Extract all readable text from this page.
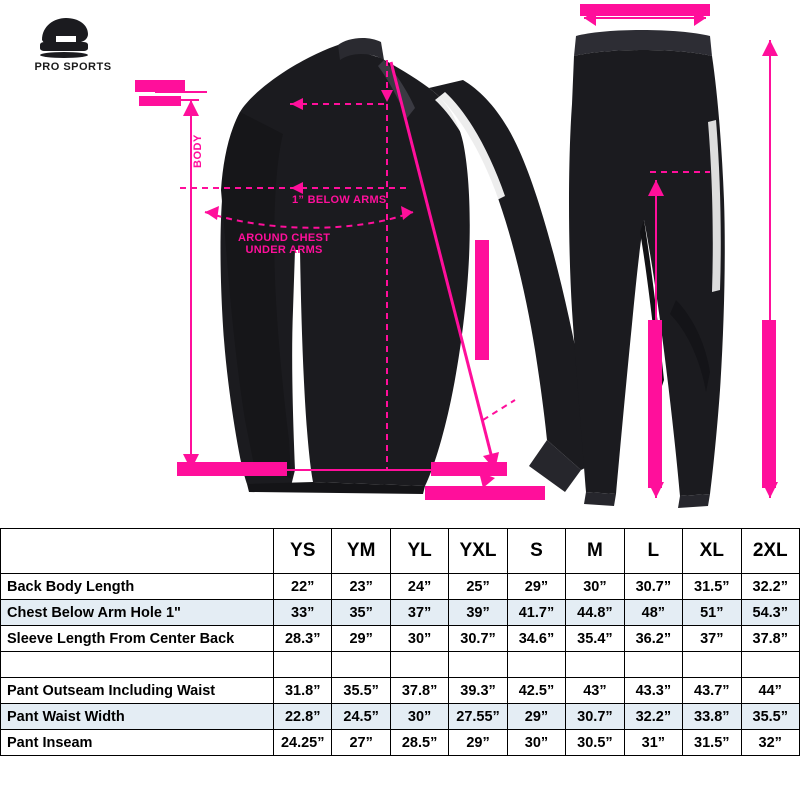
PRO SPORTS
BODY
1” BELOW ARMS
AROUND CHEST
UNDER ARMS
WAIST WIDTH
	YS	YM	YL	YXL	S	M	L	XL	2XL
Back Body Length	22”	23”	24”	25”	29”	30”	30.7”	31.5”	32.2”
Chest Below Arm Hole 1"	33”	35”	37”	39”	41.7”	44.8”	48”	51”	54.3”
Sleeve Length From Center Back	28.3”	29”	30”	30.7”	34.6”	35.4”	36.2”	37”	37.8”

Pant Outseam Including Waist	31.8”	35.5”	37.8”	39.3”	42.5”	43”	43.3”	43.7”	44”
Pant Waist Width	22.8”	24.5”	30”	27.55”	29”	30.7”	32.2”	33.8”	35.5”
Pant Inseam	24.25”	27”	28.5”	29”	30”	30.5”	31”	31.5”	32”
